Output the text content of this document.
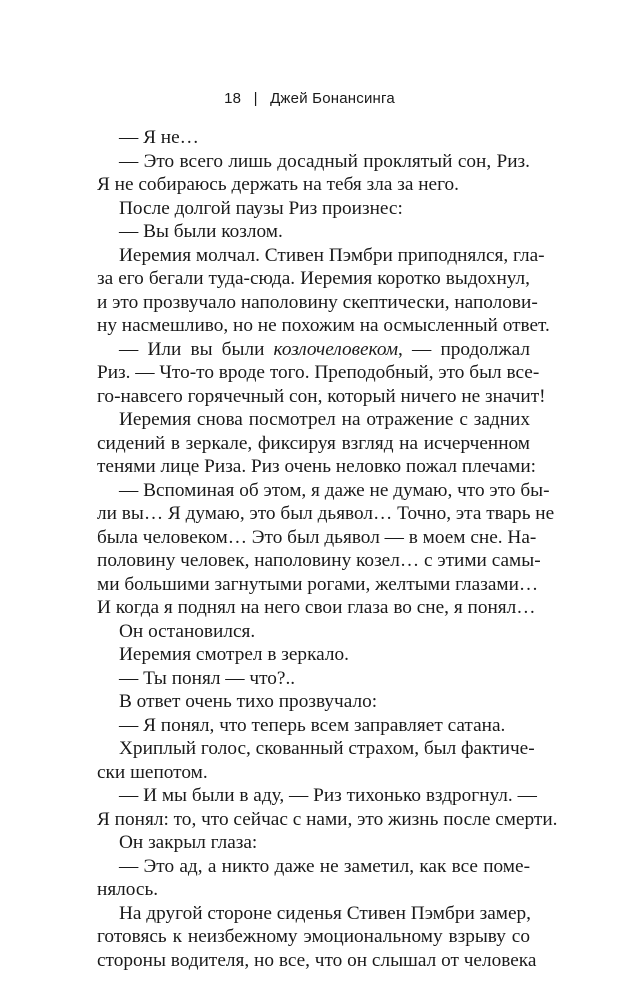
18 | Джей Бонансинга
— Я не…
— Это всего лишь досадный проклятый сон, Риз.
Я не собираюсь держать на тебя зла за него.
После долгой паузы Риз произнес:
— Вы были козлом.
Иеремия молчал. Стивен Пэмбри приподнялся, гла-
за его бегали туда-сюда. Иеремия коротко выдохнул,
и это прозвучало наполовину скептически, наполови-
ну насмешливо, но не похожим на осмысленный ответ.
— Или вы были козлочеловеком, — продолжал
Риз. — Что-то вроде того. Преподобный, это был все-
го-навсего горячечный сон, который ничего не значит!
Иеремия снова посмотрел на отражение с задних
сидений в зеркале, фиксируя взгляд на исчерченном
тенями лице Риза. Риз очень неловко пожал плечами:
— Вспоминая об этом, я даже не думаю, что это бы-
ли вы… Я думаю, это был дьявол… Точно, эта тварь не
была человеком… Это был дьявол — в моем сне. На-
половину человек, наполовину козел… с этими самы-
ми большими загнутыми рогами, желтыми глазами…
И когда я поднял на него свои глаза во сне, я понял…
Он остановился.
Иеремия смотрел в зеркало.
— Ты понял — что?..
В ответ очень тихо прозвучало:
— Я понял, что теперь всем заправляет сатана.
Хриплый голос, скованный страхом, был фактиче-
ски шепотом.
— И мы были в аду, — Риз тихонько вздрогнул. —
Я понял: то, что сейчас с нами, это жизнь после смерти.
Он закрыл глаза:
— Это ад, а никто даже не заметил, как все поме-
нялось.
На другой стороне сиденья Стивен Пэмбри замер,
готовясь к неизбежному эмоциональному взрыву со
стороны водителя, но все, что он слышал от человека
